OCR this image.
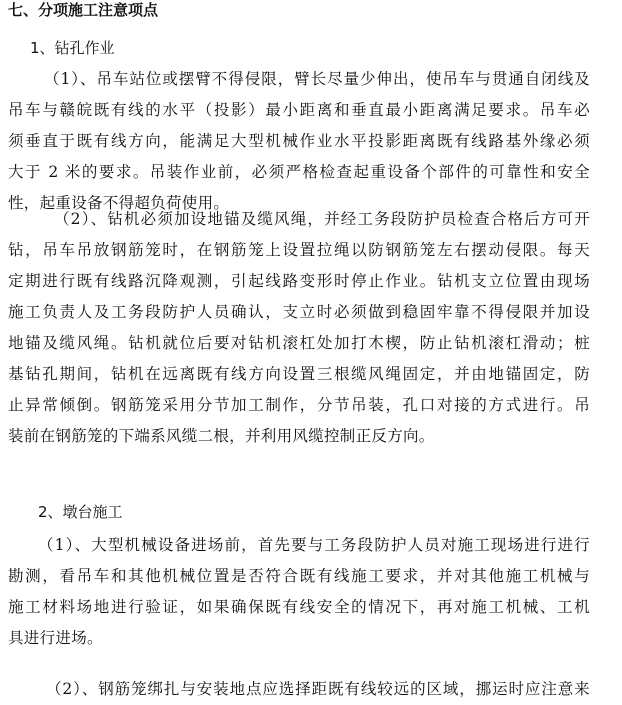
七、分项施工注意项点
1、钻孔作业
（1）、吊车站位或摆臂不得侵限，臂长尽量少伸出，使吊车与贯通自闭线及
吊车与赣皖既有线的水平（投影）最小距离和垂直最小距离满足要求。吊车必
须垂直于既有线方向，能满足大型机械作业水平投影距离既有线路基外缘必须
大于 2 米的要求。吊装作业前，必须严格检查起重设备个部件的可靠性和安全
性，起重设备不得超负荷使用。
（2）、钻机必须加设地锚及缆风绳，并经工务段防护员检查合格后方可开
钻，吊车吊放钢筋笼时，在钢筋笼上设置拉绳以防钢筋笼左右摆动侵限。每天
定期进行既有线路沉降观测，引起线路变形时停止作业。钻机支立位置由现场
施工负责人及工务段防护人员确认，支立时必须做到稳固牢靠不得侵限并加设
地锚及缆风绳。钻机就位后要对钻机滚杠处加打木楔，防止钻机滚杠滑动；桩
基钻孔期间，钻机在远离既有线方向设置三根缆风绳固定，并由地锚固定，防
止异常倾倒。钢筋笼采用分节加工制作，分节吊装，孔口对接的方式进行。吊
装前在钢筋笼的下端系风缆二根，并利用风缆控制正反方向。
2、墩台施工
（1）、大型机械设备进场前，首先要与工务段防护人员对施工现场进行进行
勘测，看吊车和其他机械位置是否符合既有线施工要求，并对其他施工机械与
施工材料场地进行验证，如果确保既有线安全的情况下，再对施工机械、工机
具进行进场。
（2）、钢筋笼绑扎与安装地点应选择距既有线较远的区域，挪运时应注意来
